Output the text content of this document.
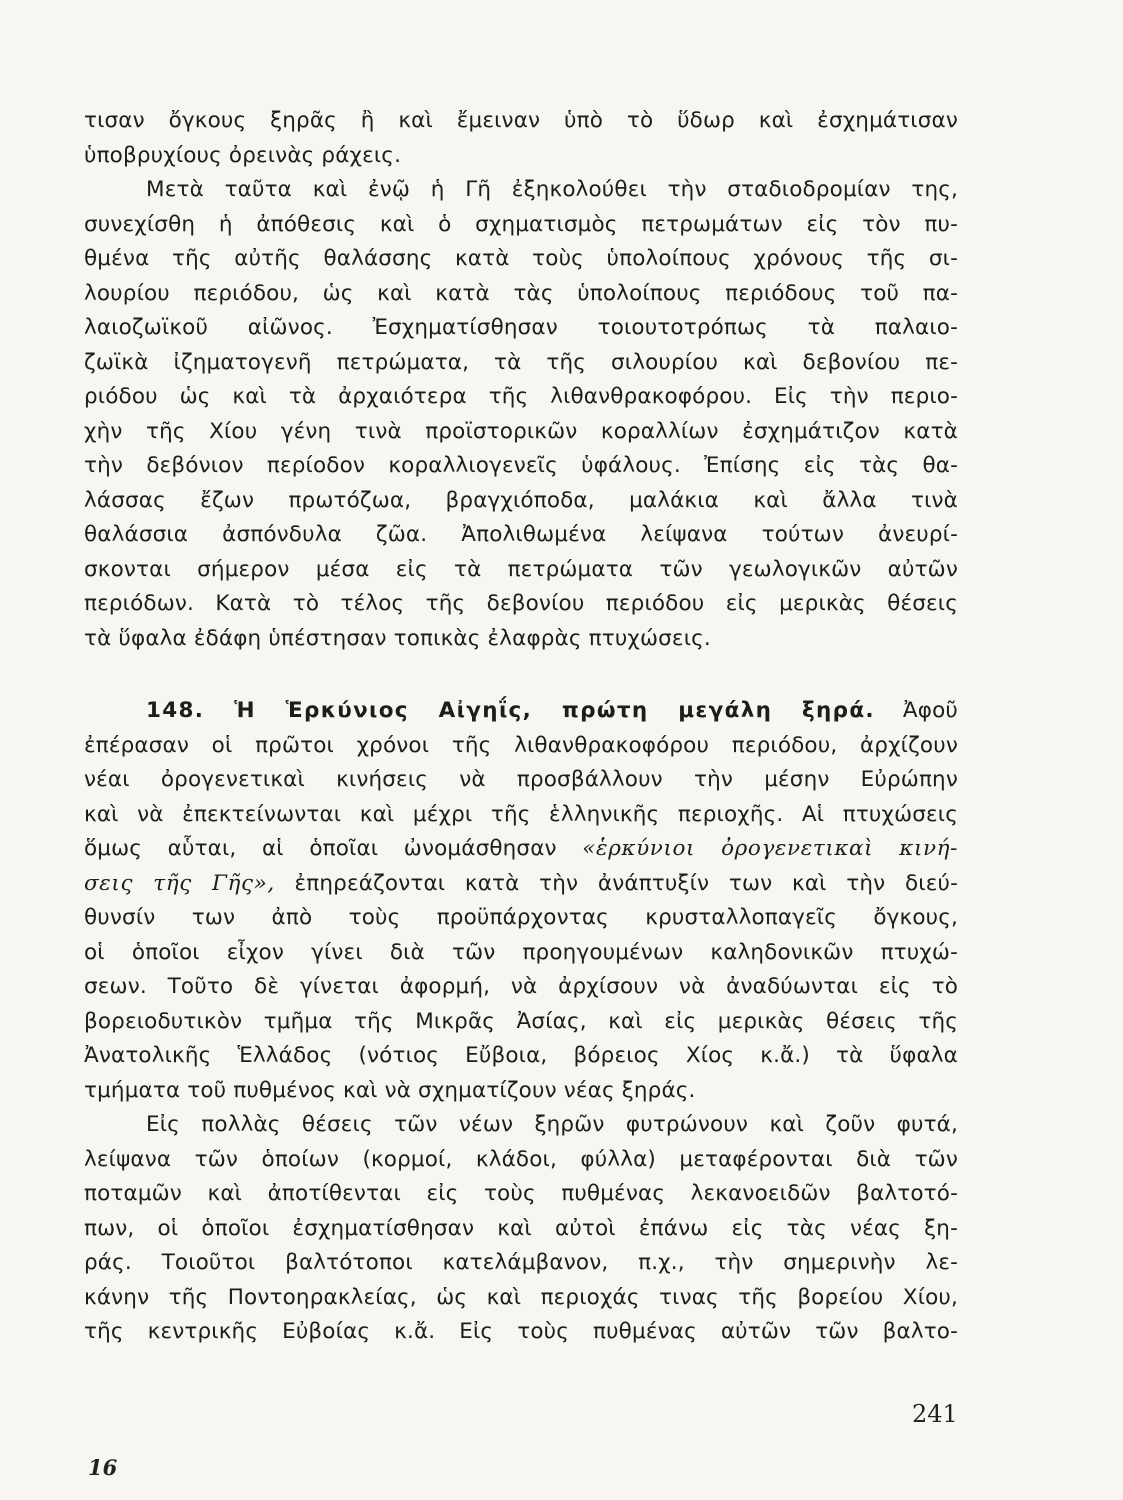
τισαν ὄγκους ξηρᾶς ἢ καὶ ἔμειναν ὑπὸ τὸ ὕδωρ καὶ ἐσχημάτισαν
ὑποβρυχίους ὀρεινὰς ράχεις.
Μετὰ ταῦτα καὶ ἐνῷ ἡ Γῆ ἐξηκολούθει τὴν σταδιοδρομίαν της,
συνεχίσθη ἡ ἀπόθεσις καὶ ὁ σχηματισμὸς πετρωμάτων εἰς τὸν πυ-
θμένα τῆς αὐτῆς θαλάσσης κατὰ τοὺς ὑπολοίπους χρόνους τῆς σι-
λουρίου περιόδου, ὡς καὶ κατὰ τὰς ὑπολοίπους περιόδους τοῦ πα-
λαιοζωϊκοῦ αἰῶνος. Ἐσχηματίσθησαν τοιουτοτρόπως τὰ παλαιο-
ζωϊκὰ ἰζηματογενῆ πετρώματα, τὰ τῆς σιλουρίου καὶ δεβονίου πε-
ριόδου ὡς καὶ τὰ ἀρχαιότερα τῆς λιθανθρακοφόρου. Εἰς τὴν περιο-
χὴν τῆς Χίου γένη τινὰ προϊστορικῶν κοραλλίων ἐσχημάτιζον κατὰ
τὴν δεβόνιον περίοδον κοραλλιογενεῖς ὑφάλους. Ἐπίσης εἰς τὰς θα-
λάσσας ἔζων πρωτόζωα, βραγχιόποδα, μαλάκια καὶ ἄλλα τινὰ
θαλάσσια ἀσπόνδυλα ζῶα. Ἀπολιθωμένα λείψανα τούτων ἀνευρί-
σκονται σήμερον μέσα εἰς τὰ πετρώματα τῶν γεωλογικῶν αὐτῶν
περιόδων. Κατὰ τὸ τέλος τῆς δεβονίου περιόδου εἰς μερικὰς θέσεις
τὰ ὕφαλα ἐδάφη ὑπέστησαν τοπικὰς ἐλαφρὰς πτυχώσεις.
148. Ἡ Ἑρκύνιος Αἰγηΐς, πρώτη μεγάλη ξηρά. Ἀφοῦ
ἐπέρασαν οἱ πρῶτοι χρόνοι τῆς λιθανθρακοφόρου περιόδου, ἀρχίζουν
νέαι ὀρογενετικαὶ κινήσεις νὰ προσβάλλουν τὴν μέσην Εὐρώπην
καὶ νὰ ἐπεκτείνωνται καὶ μέχρι τῆς ἑλληνικῆς περιοχῆς. Αἱ πτυχώσεις
ὅμως αὗται, αἱ ὁποῖαι ὠνομάσθησαν «ἑρκύνιοι ὀρογενετικαὶ κινή-
σεις τῆς Γῆς», ἐπηρεάζονται κατὰ τὴν ἀνάπτυξίν των καὶ τὴν διεύ-
θυνσίν των ἀπὸ τοὺς προϋπάρχοντας κρυσταλλοπαγεῖς ὄγκους,
οἱ ὁποῖοι εἶχον γίνει διὰ τῶν προηγουμένων καληδονικῶν πτυχώ-
σεων. Τοῦτο δὲ γίνεται ἀφορμή, νὰ ἀρχίσουν νὰ ἀναδύωνται εἰς τὸ
βορειοδυτικὸν τμῆμα τῆς Μικρᾶς Ἀσίας, καὶ εἰς μερικὰς θέσεις τῆς
Ἀνατολικῆς Ἑλλάδος (νότιος Εὔβοια, βόρειος Χίος κ.ἄ.) τὰ ὕφαλα
τμήματα τοῦ πυθμένος καὶ νὰ σχηματίζουν νέας ξηράς.
Εἰς πολλὰς θέσεις τῶν νέων ξηρῶν φυτρώνουν καὶ ζοῦν φυτά,
λείψανα τῶν ὁποίων (κορμοί, κλάδοι, φύλλα) μεταφέρονται διὰ τῶν
ποταμῶν καὶ ἀποτίθενται εἰς τοὺς πυθμένας λεκανοειδῶν βαλτοτό-
πων, οἱ ὁποῖοι ἐσχηματίσθησαν καὶ αὐτοὶ ἐπάνω εἰς τὰς νέας ξη-
ράς. Τοιοῦτοι βαλτότοποι κατελάμβανον, π.χ., τὴν σημερινὴν λε-
κάνην τῆς Ποντοηρακλείας, ὡς καὶ περιοχάς τινας τῆς βορείου Χίου,
τῆς κεντρικῆς Εὐβοίας κ.ἄ. Εἰς τοὺς πυθμένας αὐτῶν τῶν βαλτο-
241
16
